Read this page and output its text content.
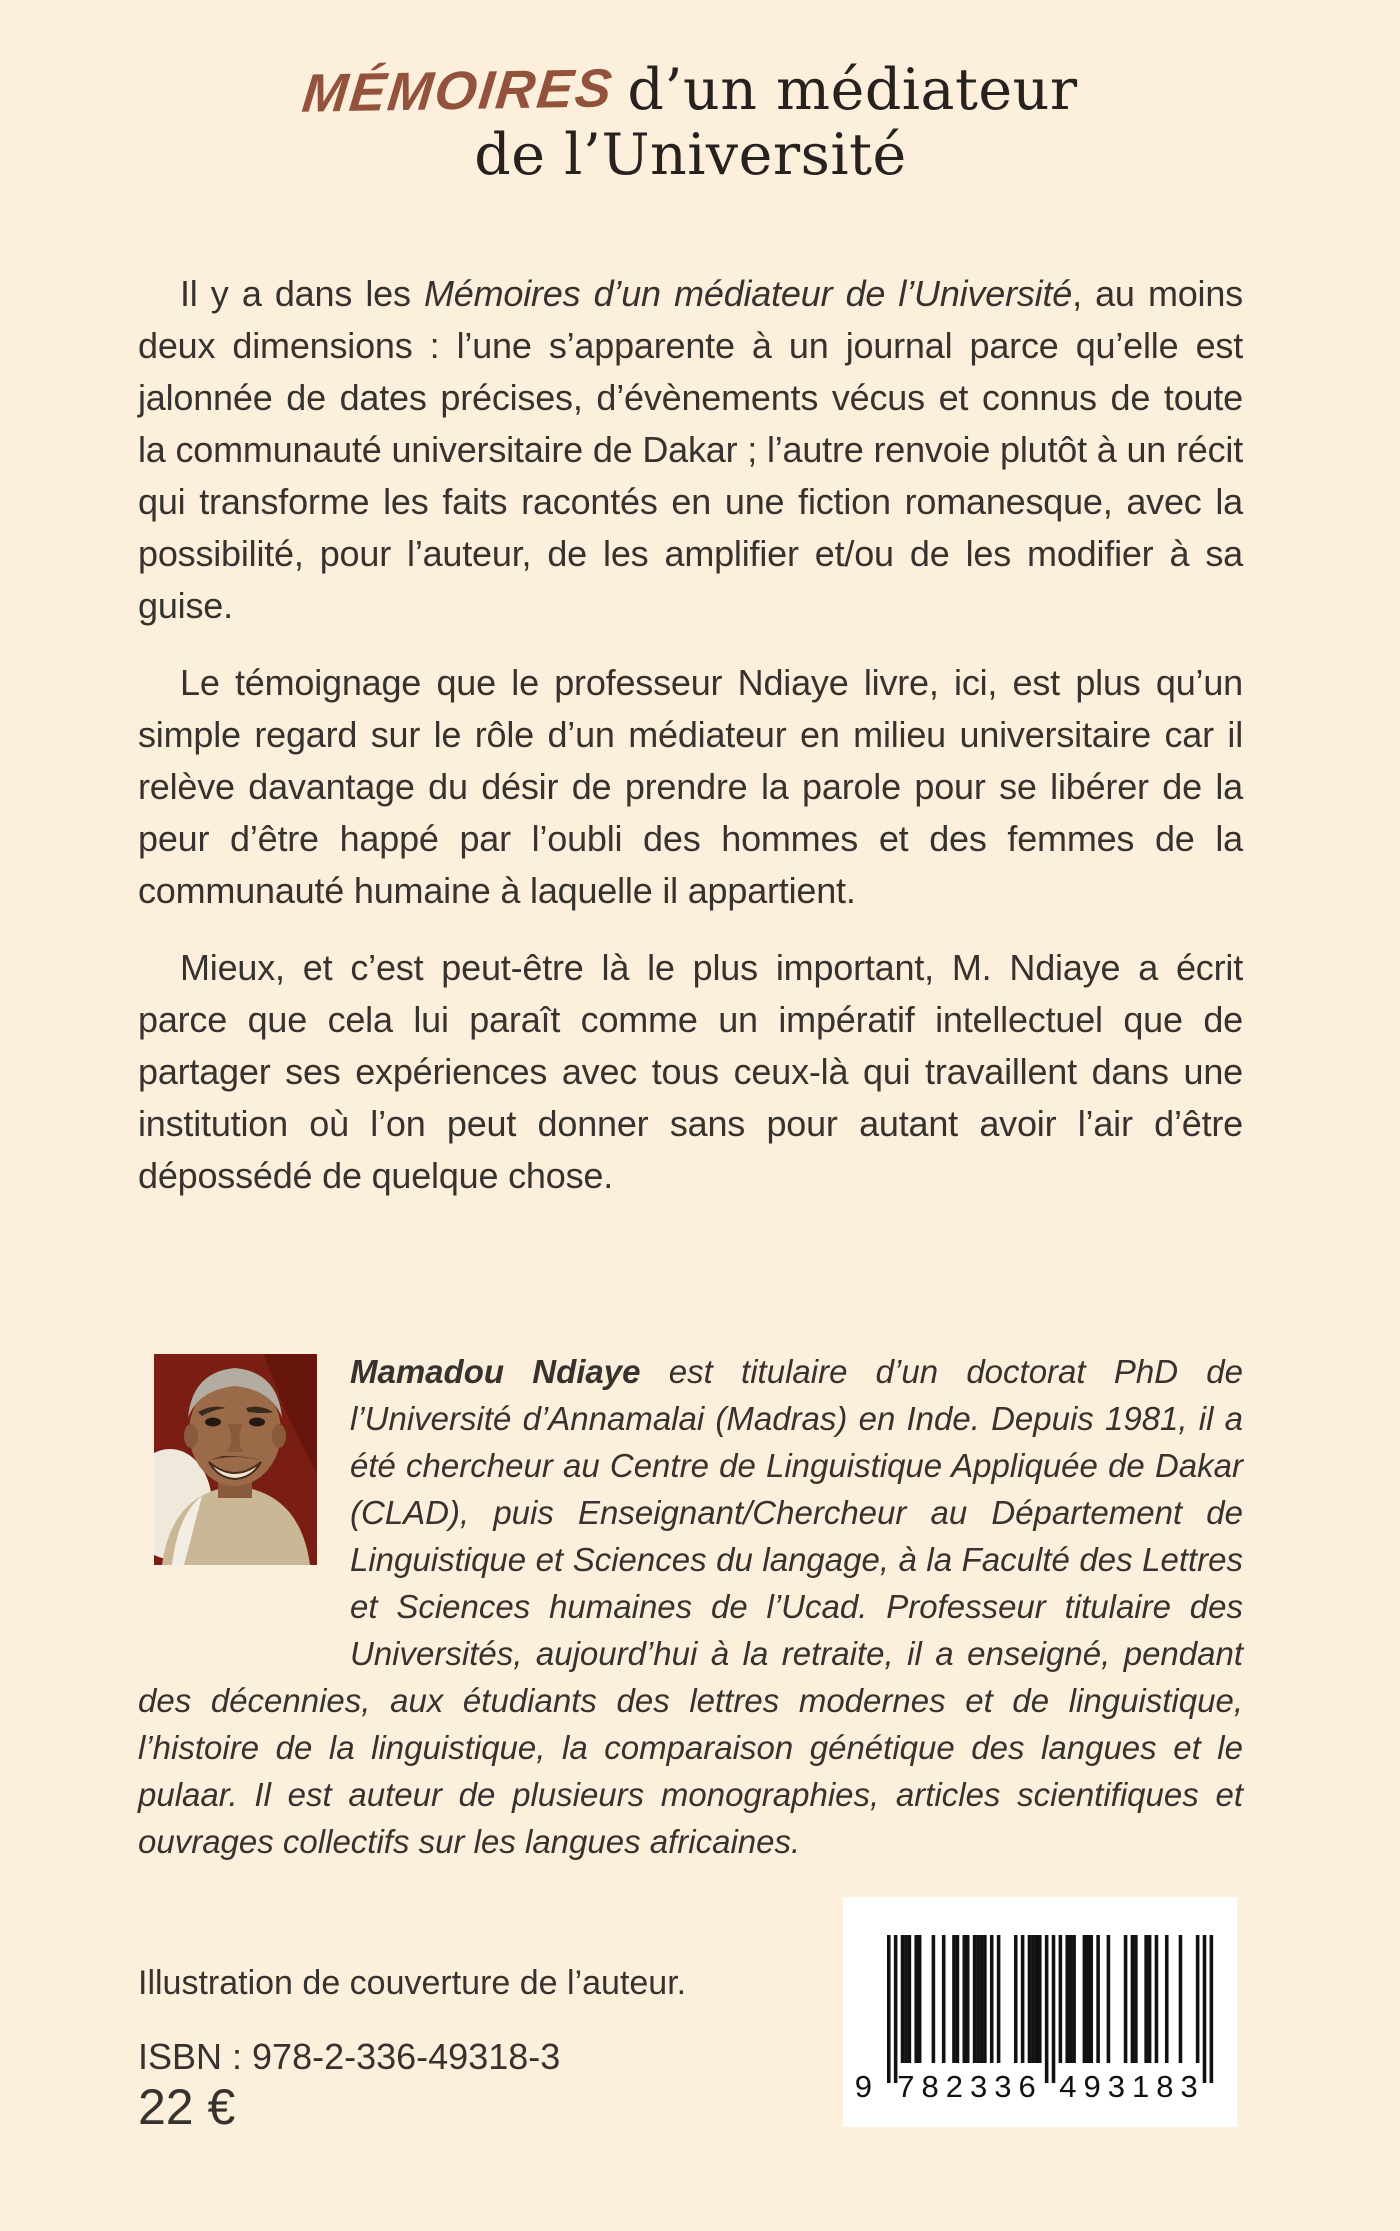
MÉMOIRES d’un médiateur
de l’Université

Il y a dans les Mémoires d’un médiateur de l’Université, au moins deux dimensions : l’une s’apparente à un journal parce qu’elle est jalonnée de dates précises, d’évènements vécus et connus de toute la communauté universitaire de Dakar ; l’autre renvoie plutôt à un récit qui transforme les faits racontés en une fiction romanesque, avec la possibilité, pour l’auteur, de les amplifier et/ou de les modifier à sa guise.

Le témoignage que le professeur Ndiaye livre, ici, est plus qu’un simple regard sur le rôle d’un médiateur en milieu universitaire car il relève davantage du désir de prendre la parole pour se libérer de la peur d’être happé par l’oubli des hommes et des femmes de la communauté humaine à laquelle il appartient.

Mieux, et c’est peut-être là le plus important, M. Ndiaye a écrit parce que cela lui paraît comme un impératif intellectuel que de partager ses expériences avec tous ceux-là qui travaillent dans une institution où l’on peut donner sans pour autant avoir l’air d’être dépossédé de quelque chose.

Mamadou Ndiaye est titulaire d’un doctorat PhD de l’Université d’Annamalai (Madras) en Inde. Depuis 1981, il a été chercheur au Centre de Linguistique Appliquée de Dakar (CLAD), puis Enseignant/Chercheur au Département de Linguistique et Sciences du langage, à la Faculté des Lettres et Sciences humaines de l’Ucad. Professeur titulaire des Universités, aujourd’hui à la retraite, il a enseigné, pendant des décennies, aux étudiants des lettres modernes et de linguistique, l’histoire de la linguistique, la comparaison génétique des langues et le pulaar. Il est auteur de plusieurs monographies, articles scientifiques et ouvrages collectifs sur les langues africaines.
Illustration de couverture de l’auteur.
ISBN : 978-2-336-49318-3
22 €	9 782336 493183
